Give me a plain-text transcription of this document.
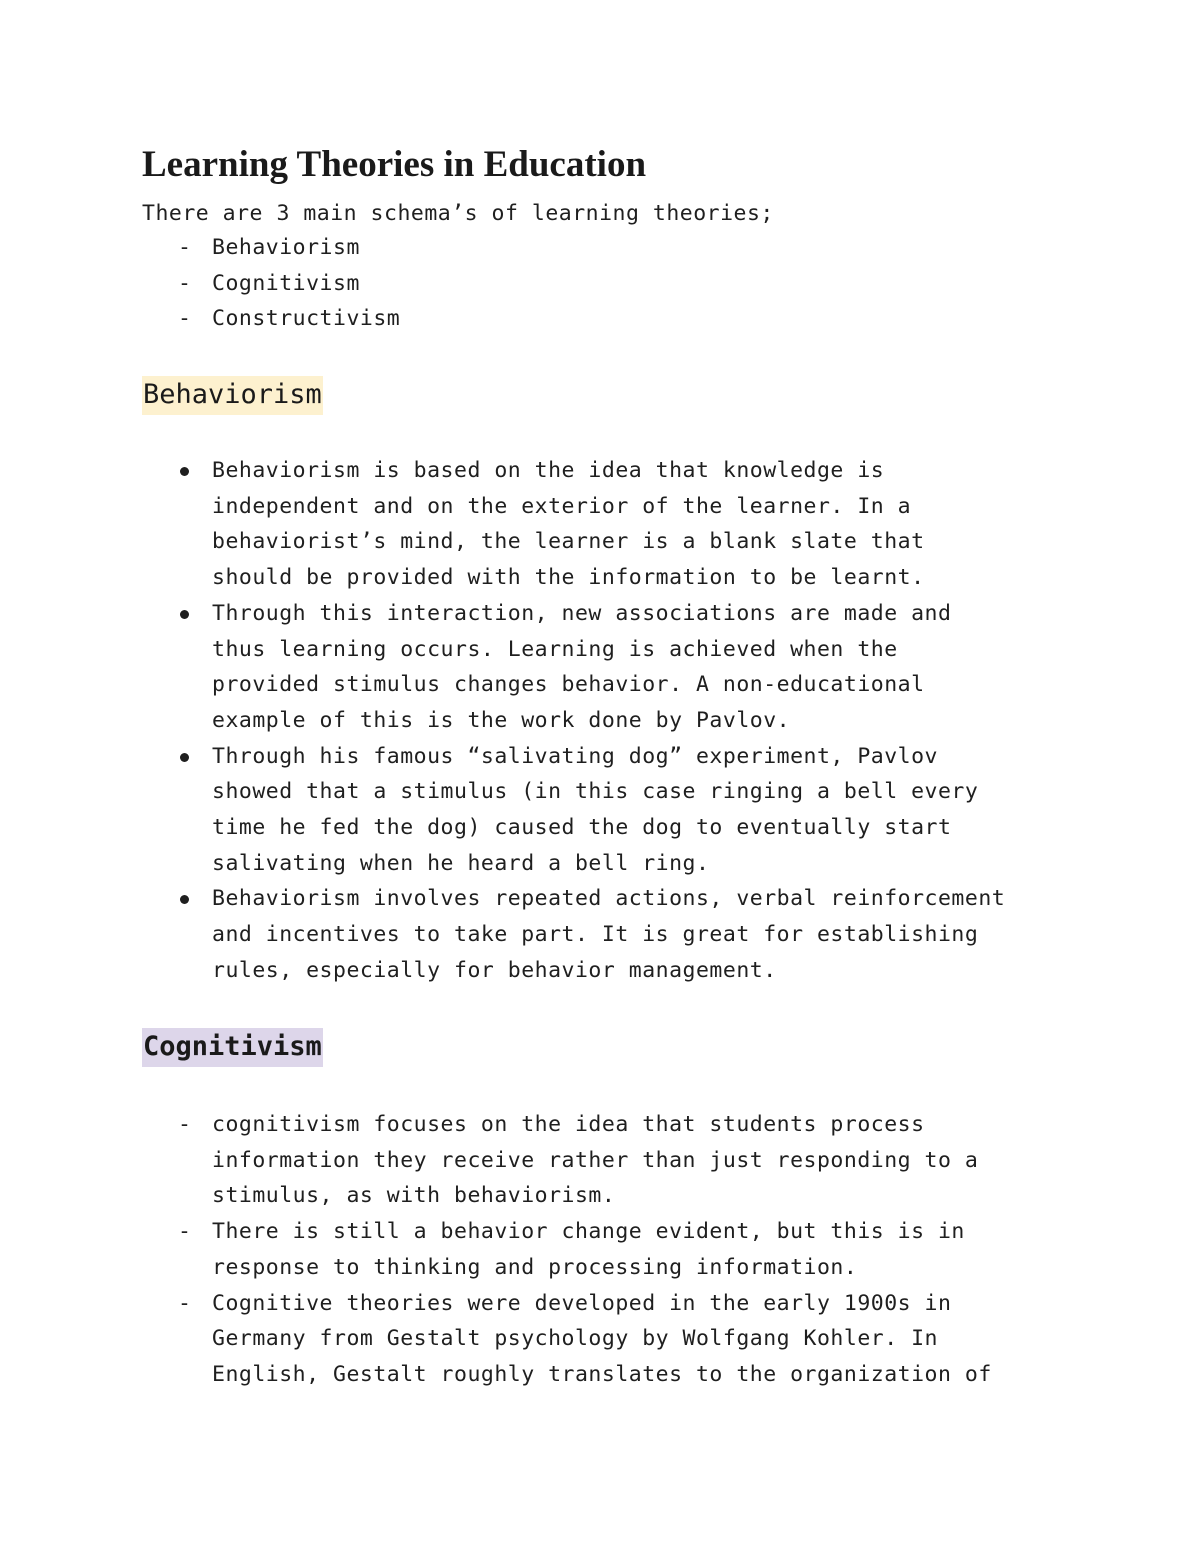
Learning Theories in Education

There are 3 main schema’s of learning theories;

- Behaviorism
- Cognitivism
- Constructivism
Behaviorism
Behaviorism is based on the idea that knowledge is
independent and on the exterior of the learner. In a
behaviorist’s mind, the learner is a blank slate that
should be provided with the information to be learnt.
Through this interaction, new associations are made and
thus learning occurs. Learning is achieved when the
provided stimulus changes behavior. A non-educational
example of this is the work done by Pavlov.
Through his famous “salivating dog” experiment, Pavlov
showed that a stimulus (in this case ringing a bell every
time he fed the dog) caused the dog to eventually start
salivating when he heard a bell ring.
Behaviorism involves repeated actions, verbal reinforcement
and incentives to take part. It is great for establishing
rules, especially for behavior management.
Cognitivism
- cognitivism focuses on the idea that students process
information they receive rather than just responding to a
stimulus, as with behaviorism.
- There is still a behavior change evident, but this is in
response to thinking and processing information.
- Cognitive theories were developed in the early 1900s in
Germany from Gestalt psychology by Wolfgang Kohler. In
English, Gestalt roughly translates to the organization of
